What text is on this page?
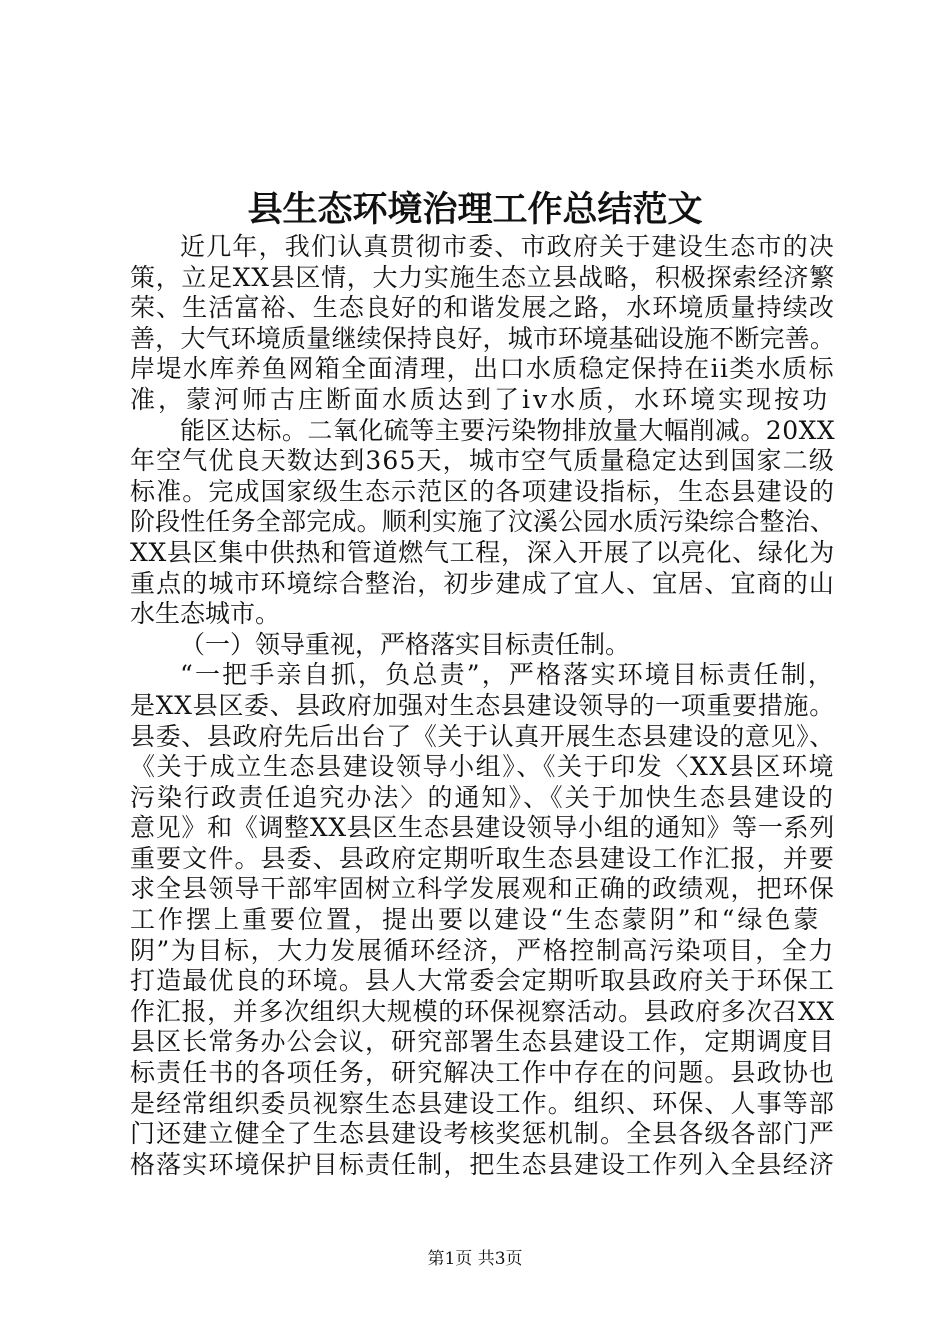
县生态环境治理工作总结范文
近几年，我们认真贯彻市委、市政府关于建设生态市的决
策，立足XX县区情，大力实施生态立县战略，积极探索经济繁
荣、生活富裕、生态良好的和谐发展之路，水环境质量持续改
善，大气环境质量继续保持良好，城市环境基础设施不断完善。
岸堤水库养鱼网箱全面清理，出口水质稳定保持在ii类水质标
准，蒙河师古庄断面水质达到了iv水质，水环境实现按功
能区达标。二氧化硫等主要污染物排放量大幅削减。20XX
年空气优良天数达到365天，城市空气质量稳定达到国家二级
标准。完成国家级生态示范区的各项建设指标，生态县建设的
阶段性任务全部完成。顺利实施了汶溪公园水质污染综合整治、
XX县区集中供热和管道燃气工程，深入开展了以亮化、绿化为
重点的城市环境综合整治，初步建成了宜人、宜居、宜商的山
水生态城市。
（一）领导重视，严格落实目标责任制。
“一把手亲自抓，负总责”，严格落实环境目标责任制，
是XX县区委、县政府加强对生态县建设领导的一项重要措施。
县委、县政府先后出台了《关于认真开展生态县建设的意见》、
《关于成立生态县建设领导小组》、《关于印发〈XX县区环境
污染行政责任追究办法〉的通知》、《关于加快生态县建设的
意见》和《调整XX县区生态县建设领导小组的通知》等一系列
重要文件。县委、县政府定期听取生态县建设工作汇报，并要
求全县领导干部牢固树立科学发展观和正确的政绩观，把环保
工作摆上重要位置，提出要以建设“生态蒙阴”和“绿色蒙
阴”为目标，大力发展循环经济，严格控制高污染项目，全力
打造最优良的环境。县人大常委会定期听取县政府关于环保工
作汇报，并多次组织大规模的环保视察活动。县政府多次召XX
县区长常务办公会议，研究部署生态县建设工作，定期调度目
标责任书的各项任务，研究解决工作中存在的问题。县政协也
是经常组织委员视察生态县建设工作。组织、环保、人事等部
门还建立健全了生态县建设考核奖惩机制。全县各级各部门严
格落实环境保护目标责任制，把生态县建设工作列入全县经济
第1页 共3页
